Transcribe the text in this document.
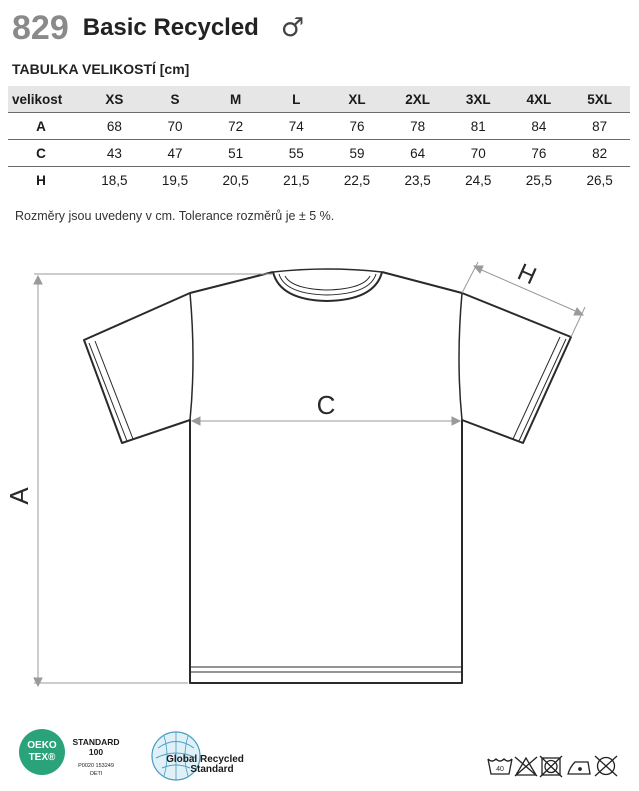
829 Basic Recycled ♂
TABULKA VELIKOSTÍ [cm]
velikost	XS	S	M	L	XL	2XL	3XL	4XL	5XL
A	68	70	72	74	76	78	81	84	87
C	43	47	51	55	59	64	70	76	82
H	18,5	19,5	20,5	21,5	22,5	23,5	24,5	25,5	26,5
Rozměry jsou uvedeny v cm. Tolerance rozměrů je ± 5 %.
A
C
H
OEKO
TEX®
STANDARD
100
P0020 153249
OETI
Global Recycled
Standard	40
